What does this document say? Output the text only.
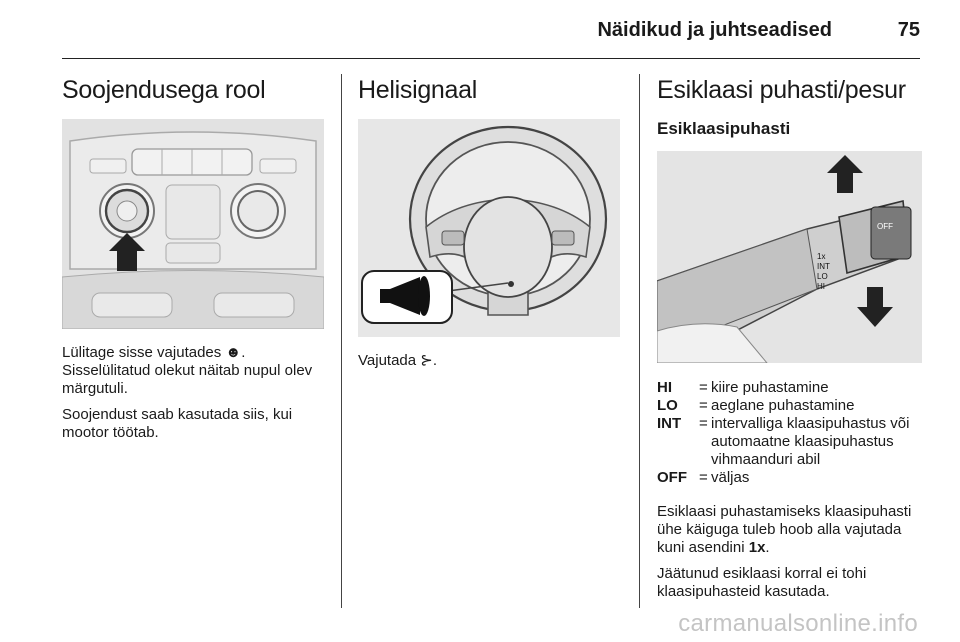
Näidikud ja juhtseadised	75
Soojendusega rool

Lülitage sisse vajutades ☻.
Sisselülitatud olekut näitab nupul olev märgutuli.

Soojendust saab kasutada siis, kui mootor töötab.

Helisignaal

Vajutada ⊱.

Esiklaasi puhasti/pesur
Esiklaasipuhasti
OFF
1x
INT
LO
HI
HI	= kiire puhastamine
LO	= aeglane puhastamine
INT	= intervalliga klaasipuhastus või automaatne klaasipuhastus vihmaanduri abil
OFF = väljas

Esiklaasi puhastamiseks klaasipuhasti ühe käiguga tuleb hoob alla vajutada kuni asendini 1x.

Jäätunud esiklaasi korral ei tohi klaasipuhasteid kasutada.

carmanualsonline.info
